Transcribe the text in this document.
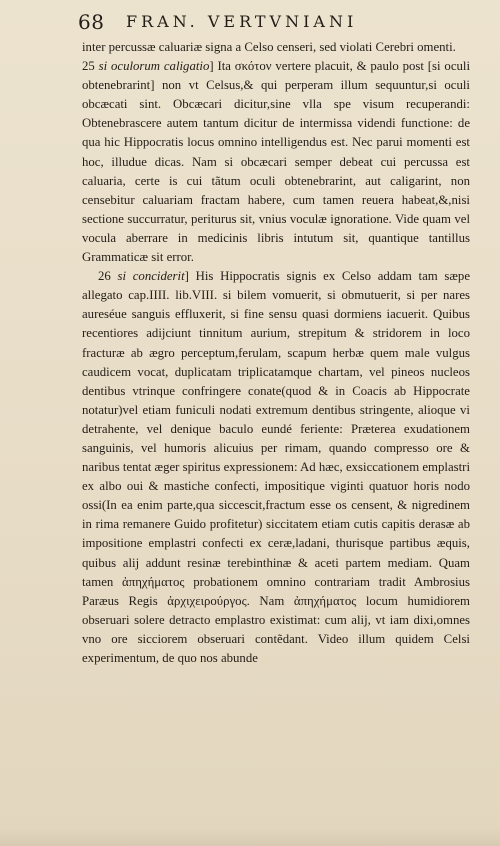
68 FRAN. VERTVNIANI

inter percussæ caluariæ signa a Celso censeri, sed violati Cerebri omenti.

25 si oculorum caligatio] Ita σκότον vertere placuit, & paulo post [si oculi obtenebrarint] non vt Celsus,& qui perperam illum sequuntur,si oculi obcæcati sint. Obcæcari dicitur,sine vlla spe visum recuperandi: Obtenebrascere autem tantum dicitur de intermissa videndi functione: de qua hic Hippocratis locus omnino intelligendus est. Nec parui momenti est hoc, illudue dicas. Nam si obcæcari semper debeat cui percussa est caluaria, certe is cui tãtum oculi obtenebrarint, aut caligarint, non censebitur caluariam fractam habere, cum tamen reuera habeat,&,nisi sectione succurratur, periturus sit, vnius voculæ ignoratione. Vide quam vel vocula aberrare in medicinis libris intutum sit, quantique tantillus Grammaticæ sit error.

26 si conciderit] His Hippocratis signis ex Celso addam tam sæpe allegato cap.IIII. lib.VIII. si bilem vomuerit, si obmutuerit, si per nares aureséue sanguis effluxerit, si fine sensu quasi dormiens iacuerit. Quibus recentiores adijciunt tinnitum aurium, strepitum & stridorem in loco fracturæ ab ægro perceptum,ferulam, scapum herbæ quem male vulgus caudicem vocat, duplicatam triplicatamque chartam, vel pineos nucleos dentibus vtrinque confringere conate(quod & in Coacis ab Hippocrate notatur)vel etiam funiculi nodati extremum dentibus stringente, alioque vi detrahente, vel denique baculo eundé feriente: Præterea exudationem sanguinis, vel humoris alicuius per rimam, quando compresso ore & naribus tentat æger spiritus expressionem: Ad hæc, exsiccationem emplastri ex albo oui & mastiche confecti, impositique viginti quatuor horis nodo ossi(In ea enim parte,qua siccescit,fractum esse os censent, & nigredinem in rima remanere Guido profitetur) siccitatem etiam cutis capitis derasæ ab impositione emplastri confecti ex ceræ,ladani, thurisque partibus æquis, quibus alij addunt resinæ terebinthinæ & aceti partem mediam. Quam tamen ἀπηχήματος probationem omnino contrariam tradit Ambrosius Paræus Regis ἀρχιχειρούργος. Nam ἀπηχήματος locum humidiorem obseruari solere detracto emplastro existimat: cum alij, vt iam dixi,omnes vno ore sicciorem obseruari contẽdant. Video illum quidem Celsi experimentum, de quo nos abunde
